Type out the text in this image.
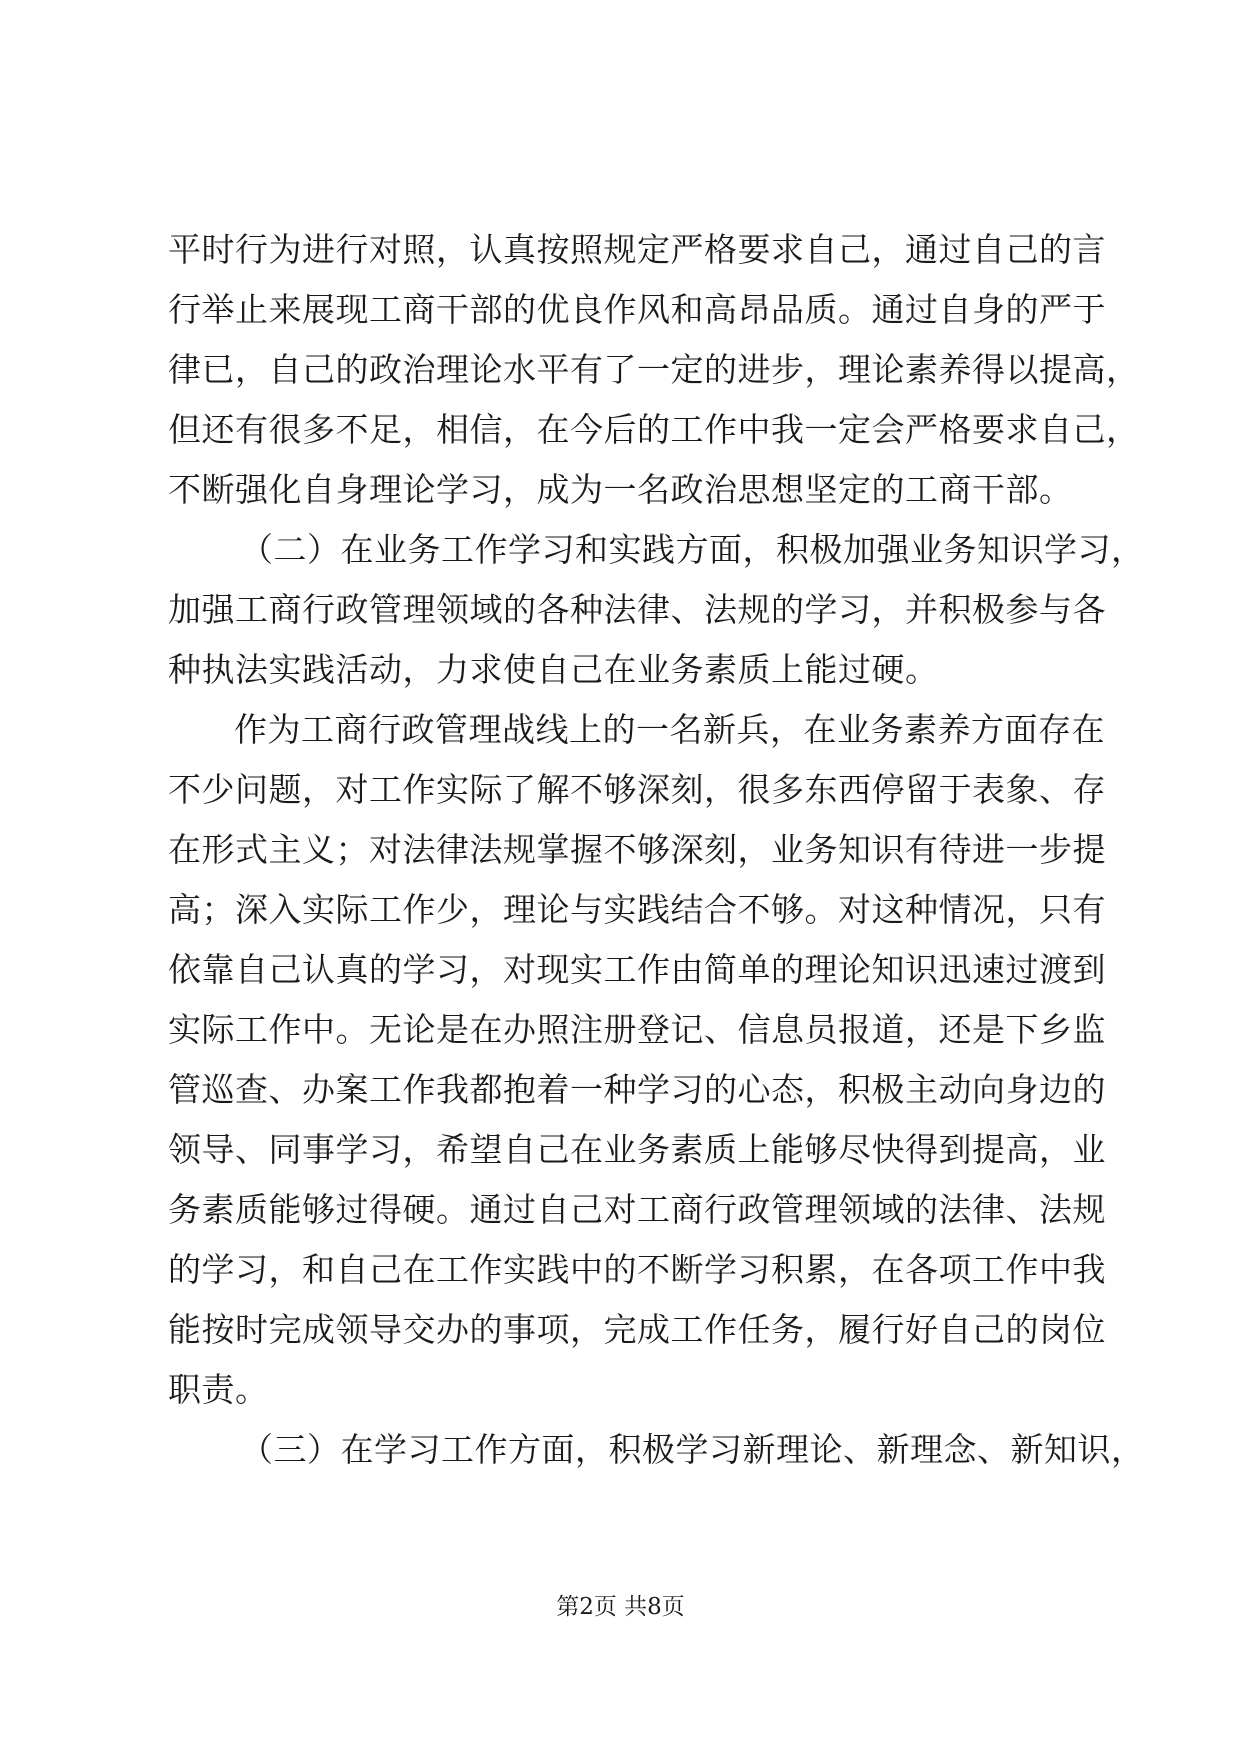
平时行为进行对照，认真按照规定严格要求自己，通过自己的言
行举止来展现工商干部的优良作风和高昂品质。通过自身的严于
律已，自己的政治理论水平有了一定的进步，理论素养得以提高，
但还有很多不足，相信，在今后的工作中我一定会严格要求自己，
不断强化自身理论学习，成为一名政治思想坚定的工商干部。
（二）在业务工作学习和实践方面，积极加强业务知识学习，
加强工商行政管理领域的各种法律、法规的学习，并积极参与各
种执法实践活动，力求使自己在业务素质上能过硬。
作为工商行政管理战线上的一名新兵，在业务素养方面存在
不少问题，对工作实际了解不够深刻，很多东西停留于表象、存
在形式主义；对法律法规掌握不够深刻，业务知识有待进一步提
高；深入实际工作少，理论与实践结合不够。对这种情况，只有
依靠自己认真的学习，对现实工作由简单的理论知识迅速过渡到
实际工作中。无论是在办照注册登记、信息员报道，还是下乡监
管巡查、办案工作我都抱着一种学习的心态，积极主动向身边的
领导、同事学习，希望自己在业务素质上能够尽快得到提高，业
务素质能够过得硬。通过自己对工商行政管理领域的法律、法规
的学习，和自己在工作实践中的不断学习积累，在各项工作中我
能按时完成领导交办的事项，完成工作任务，履行好自己的岗位
职责。
（三）在学习工作方面，积极学习新理论、新理念、新知识，
第2页 共8页
